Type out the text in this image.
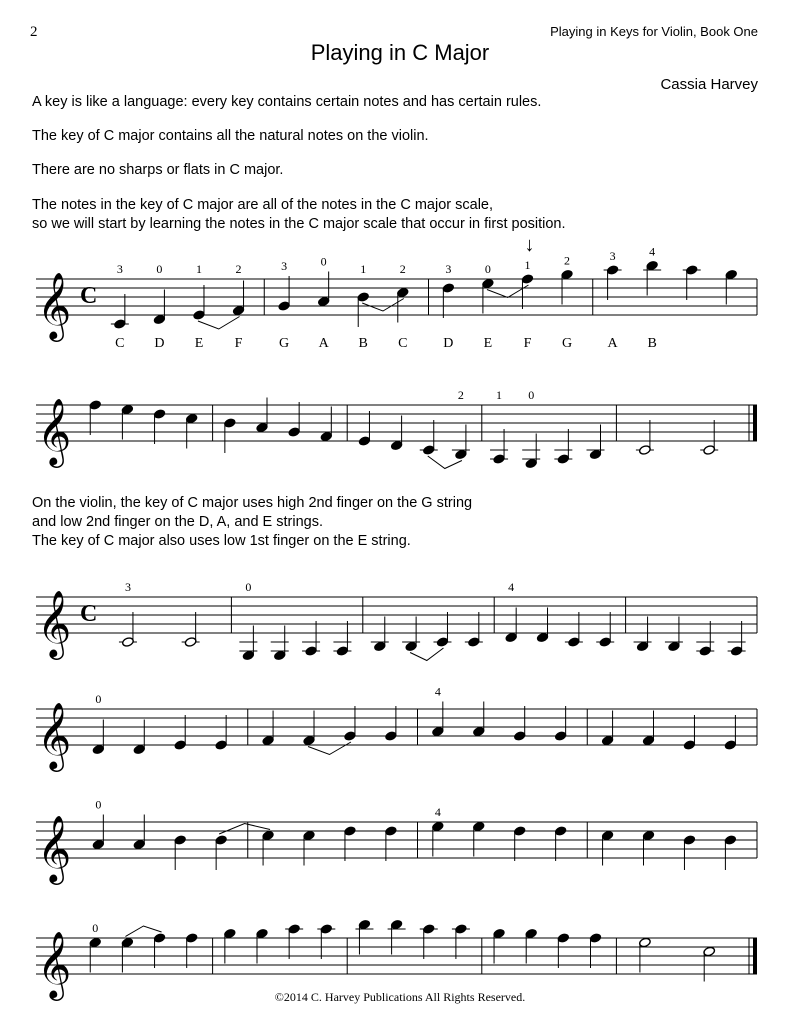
2	Playing in Keys for Violin, Book One
Playing in C Major
Cassia Harvey

A key is like a language: every key contains certain notes and has certain rules.

The key of C major contains all the natural notes on the violin.

There are no sharps or flats in C major.

The notes in the key of C major are all of the notes in the C major scale,
so we will start by learning the notes in the C major scale that occur in first position.

𝄞 C
3
C
0
D
1
E
2
F
3
G
0
A
1
B
2
C
3
D
0
E
1
F
2
G
3
A
4
B
↓
𝄞
2	1 0
𝄞 C
3	0	4
𝄞
0
4
𝄞
0
4
𝄞
0

On the violin, the key of C major uses high 2nd finger on the G string
and low 2nd finger on the D, A, and E strings.
The key of C major also uses low 1st finger on the E string.

©2014 C. Harvey Publications All Rights Reserved.
